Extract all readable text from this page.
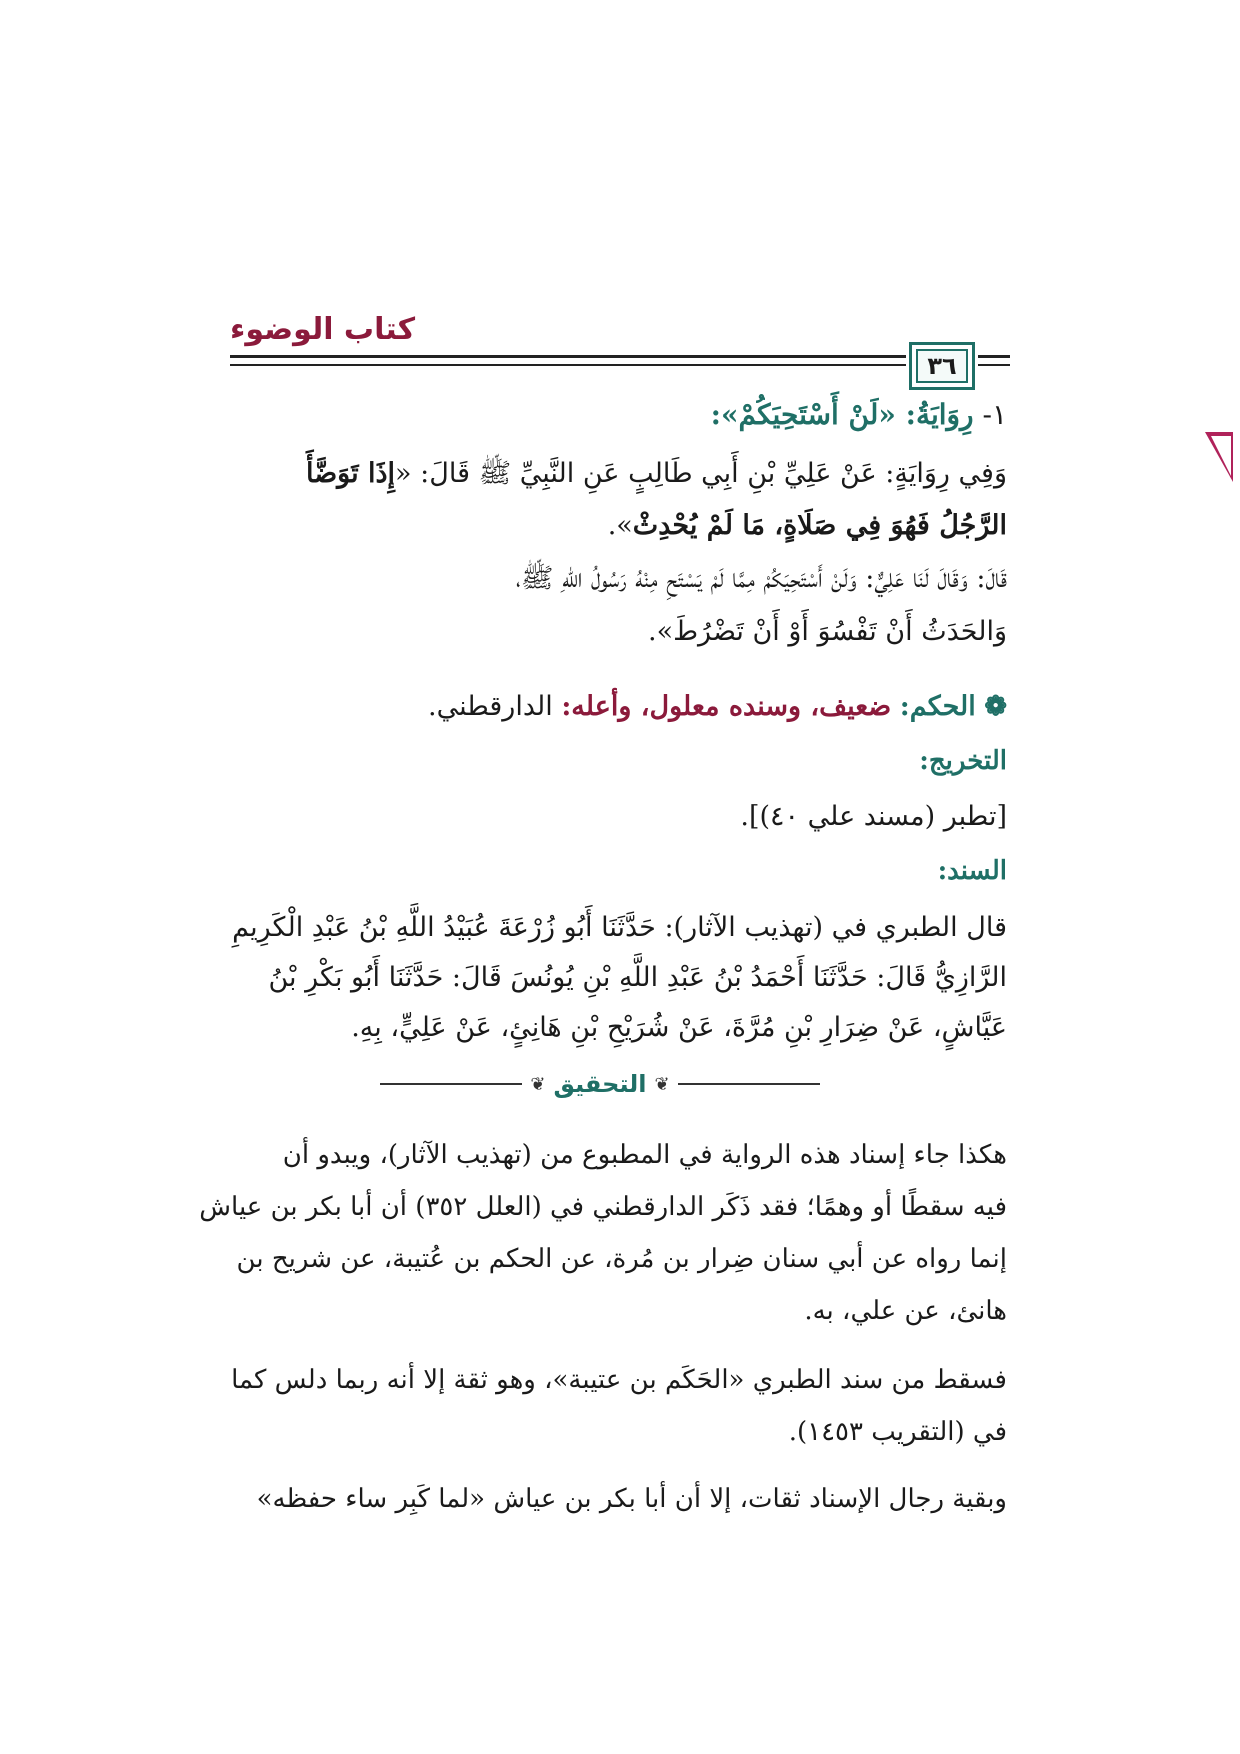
كتاب الوضوء
٣٦
١- رِوَايَةُ: «لَنْ أَسْتَحِيَكُمْ»:
وَفِي رِوَايَةٍ: عَنْ عَلِيِّ بْنِ أَبِي طَالِبٍ عَنِ النَّبِيِّ ﷺ قَالَ: «إِذَا تَوَضَّأَ
الرَّجُلُ فَهُوَ فِي صَلَاةٍ، مَا لَمْ يُحْدِثْ».
قَالَ: وَقَالَ لَنَا عَلِيٌّ: وَلَنْ أَسْتَحِيَكُمْ مِمَّا لَمْ يَسْتَحِ مِنْهُ رَسُولُ اللهِ ﷺ،
وَالحَدَثُ أَنْ تَفْسُوَ أَوْ أَنْ تَضْرُطَ».
❁ الحكم: ضعيف، وسنده معلول، وأعله: الدارقطني.
التخريج:
[تطبر (مسند علي ٤٠)].
السند:
قال الطبري في (تهذيب الآثار): حَدَّثَنَا أَبُو زُرْعَةَ عُبَيْدُ اللَّهِ بْنُ عَبْدِ الْكَرِيمِ
الرَّازِيُّ قَالَ: حَدَّثَنَا أَحْمَدُ بْنُ عَبْدِ اللَّهِ بْنِ يُونُسَ قَالَ: حَدَّثَنَا أَبُو بَكْرِ بْنُ
عَيَّاشٍ، عَنْ ضِرَارِ بْنِ مُرَّةَ، عَنْ شُرَيْحِ بْنِ هَانِئٍ، عَنْ عَلِيٍّ، بِهِ.
❦
التحقيق
❦
هكذا جاء إسناد هذه الرواية في المطبوع من (تهذيب الآثار)، ويبدو أن
فيه سقطًا أو وهمًا؛ فقد ذَكَر الدارقطني في (العلل ٣٥٢) أن أبا بكر بن عياش
إنما رواه عن أبي سنان ضِرار بن مُرة، عن الحكم بن عُتيبة، عن شريح بن
هانئ، عن علي، به.
فسقط من سند الطبري «الحَكَم بن عتيبة»، وهو ثقة إلا أنه ربما دلس كما
في (التقريب ١٤٥٣).
وبقية رجال الإسناد ثقات، إلا أن أبا بكر بن عياش «لما كَبِر ساء حفظه»
